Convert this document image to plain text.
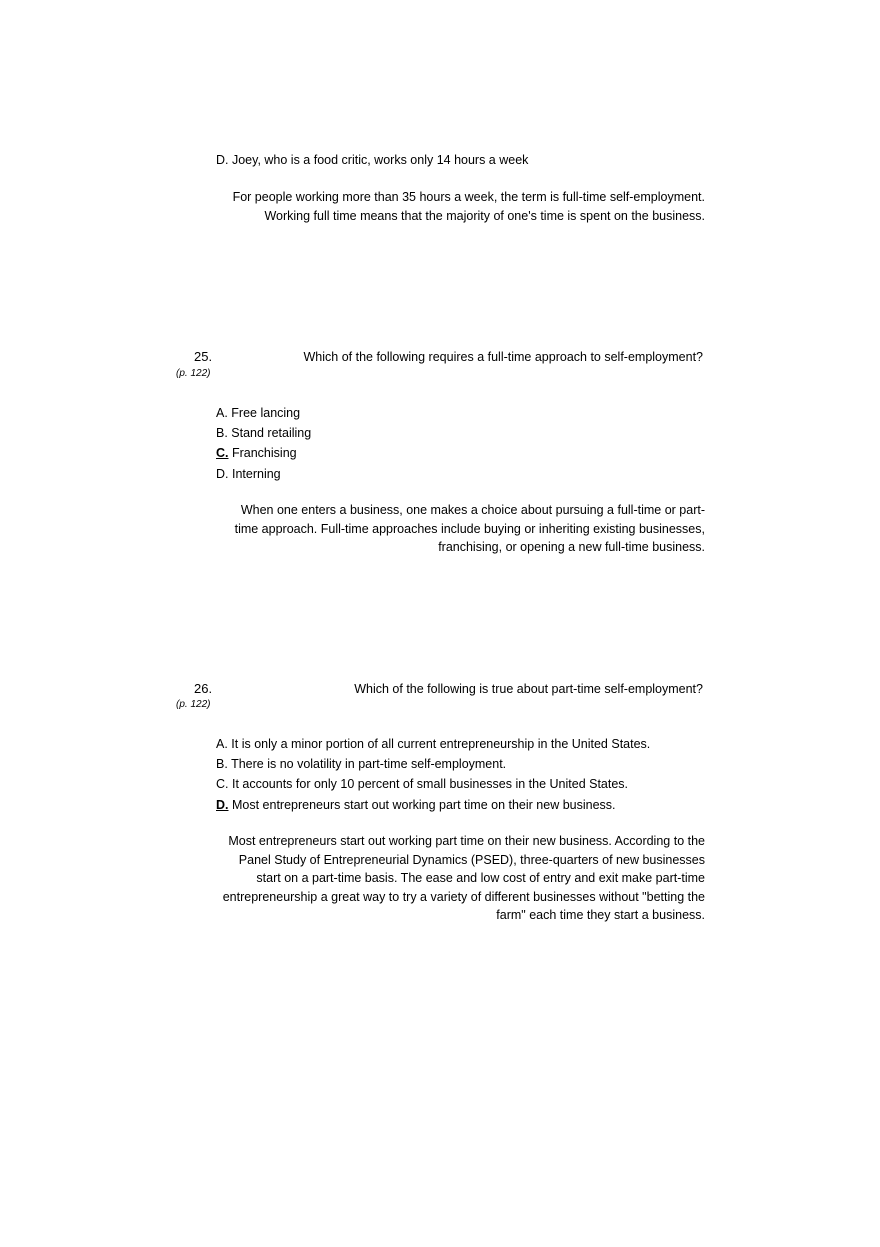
D. Joey, who is a food critic, works only 14 hours a week
For people working more than 35 hours a week, the term is full-time self-employment.
Working full time means that the majority of one's time is spent on the business.
25.
(p. 122)
Which of the following requires a full-time approach to self-employment?
A. Free lancing
B. Stand retailing
C. Franchising
D. Interning
When one enters a business, one makes a choice about pursuing a full-time or part-
time approach. Full-time approaches include buying or inheriting existing businesses,
franchising, or opening a new full-time business.
26.
(p. 122)
Which of the following is true about part-time self-employment?
A. It is only a minor portion of all current entrepreneurship in the United States.
B. There is no volatility in part-time self-employment.
C. It accounts for only 10 percent of small businesses in the United States.
D. Most entrepreneurs start out working part time on their new business.
Most entrepreneurs start out working part time on their new business. According to the
Panel Study of Entrepreneurial Dynamics (PSED), three-quarters of new businesses
start on a part-time basis. The ease and low cost of entry and exit make part-time
entrepreneurship a great way to try a variety of different businesses without "betting the
farm" each time they start a business.
